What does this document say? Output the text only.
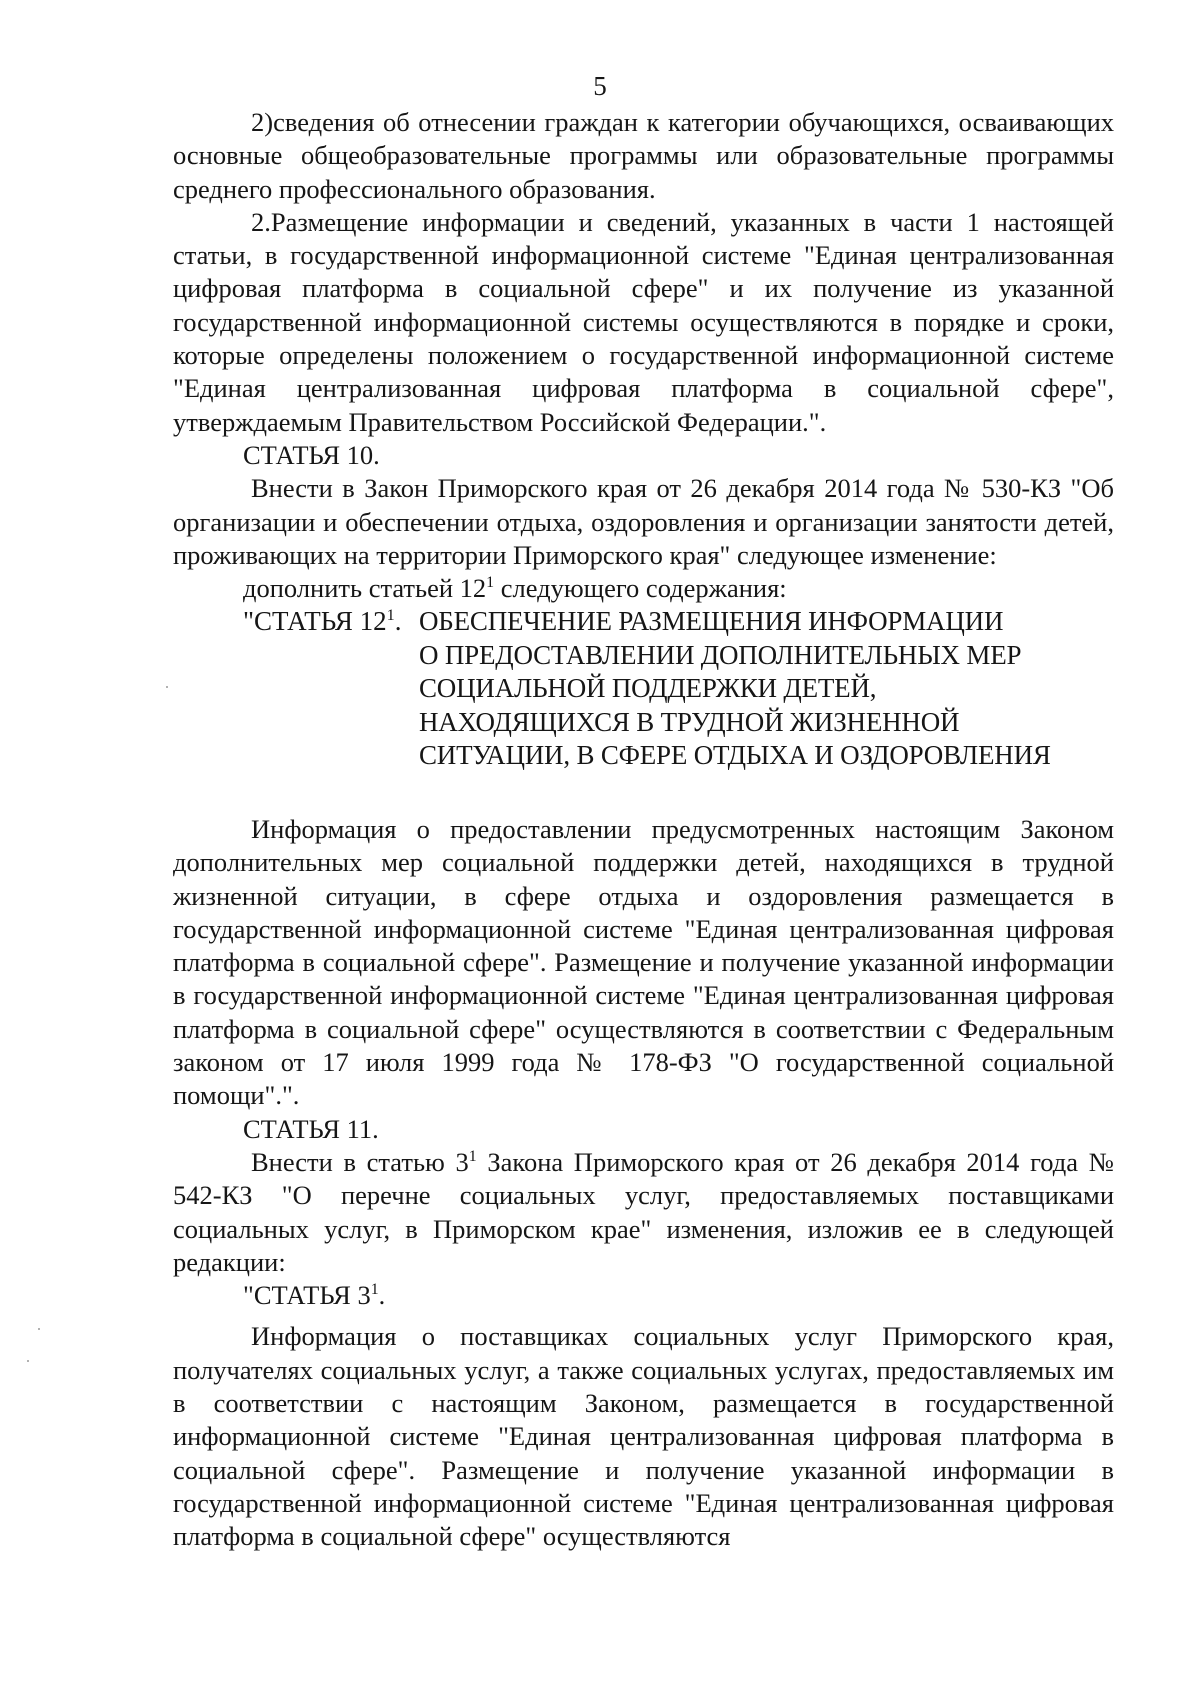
5

2)сведения об отнесении граждан к категории обучающихся, осваивающих основные общеобразовательные программы или образовательные программы среднего профессионального образования.

2.Размещение информации и сведений, указанных в части 1 настоящей статьи, в государственной информационной системе "Единая централизованная цифровая платформа в социальной сфере" и их получение из указанной государственной информационной системы осуществляются в порядке и сроки, которые определены положением о государственной информационной системе "Единая централизованная цифровая платформа в социальной сфере", утверждаемым Правительством Российской Федерации.".

СТАТЬЯ 10.

Внести в Закон Приморского края от 26 декабря 2014 года № 530-КЗ "Об организации и обеспечении отдыха, оздоровления и организации занятости детей, проживающих на территории Приморского края" следующее изменение:

дополнить статьей $12^1$ следующего содержания:

"СТАТЬЯ $12^1$. ОБЕСПЕЧЕНИЕ РАЗМЕЩЕНИЯ ИНФОРМАЦИИ
О ПРЕДОСТАВЛЕНИИ ДОПОЛНИТЕЛЬНЫХ МЕР
СОЦИАЛЬНОЙ ПОДДЕРЖКИ ДЕТЕЙ,
НАХОДЯЩИХСЯ В ТРУДНОЙ ЖИЗНЕННОЙ
СИТУАЦИИ, В СФЕРЕ ОТДЫХА И ОЗДОРОВЛЕНИЯ

Информация о предоставлении предусмотренных настоящим Законом дополнительных мер социальной поддержки детей, находящихся в трудной жизненной ситуации, в сфере отдыха и оздоровления размещается в государственной информационной системе "Единая централизованная цифровая платформа в социальной сфере". Размещение и получение указанной информации в государственной информационной системе "Единая централизованная цифровая платформа в социальной сфере" осуществляются в соответствии с Федеральным законом от 17 июля 1999 года № 178-ФЗ "О государственной социальной помощи".".

СТАТЬЯ 11.

Внести в статью $3^1$ Закона Приморского края от 26 декабря 2014 года № 542-КЗ "О перечне социальных услуг, предоставляемых поставщиками социальных услуг, в Приморском крае" изменения, изложив ее в следующей редакции:

"СТАТЬЯ $3^1$.

Информация о поставщиках социальных услуг Приморского края, получателях социальных услуг, а также социальных услугах, предоставляемых им в соответствии с настоящим Законом, размещается в государственной информационной системе "Единая централизованная цифровая платформа в социальной сфере". Размещение и получение указанной информации в государственной информационной системе "Единая централизованная цифровая платформа в социальной сфере" осуществляются
